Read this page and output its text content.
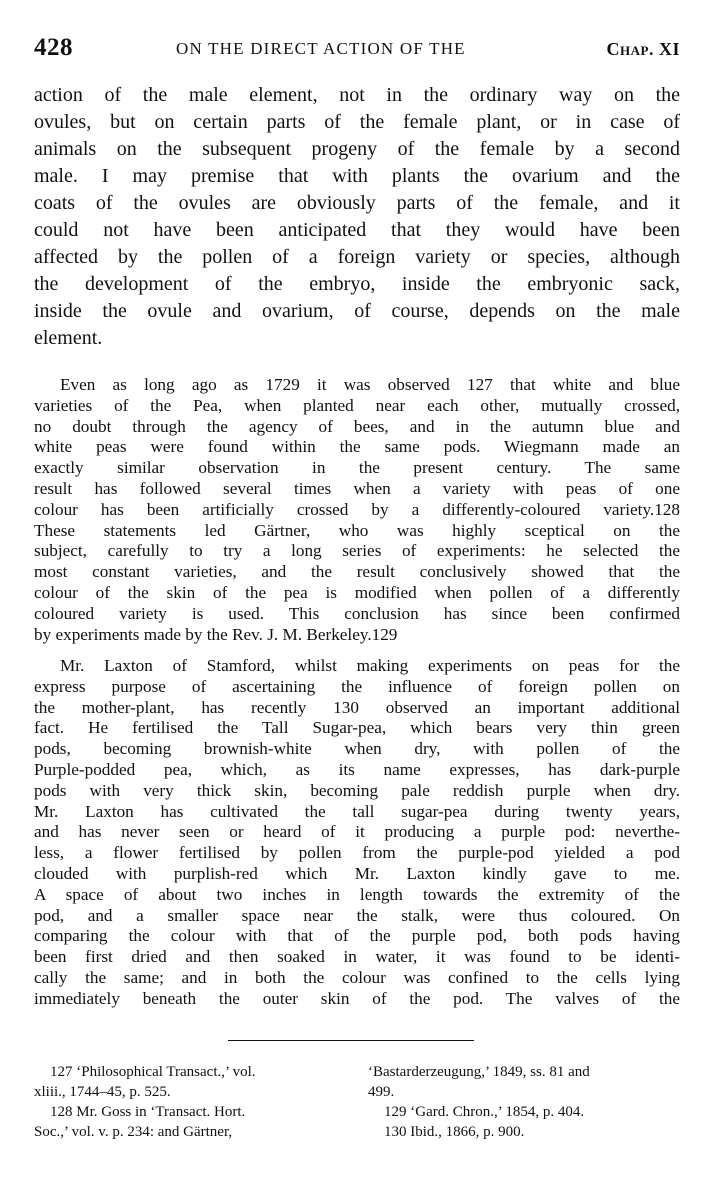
428	ON THE DIRECT ACTION OF THE	Chap. XI
action of the male element, not in the ordinary way on the
ovules, but on certain parts of the female plant, or in case of
animals on the subsequent progeny of the female by a second
male. I may premise that with plants the ovarium and the
coats of the ovules are obviously parts of the female, and it
could not have been anticipated that they would have been
affected by the pollen of a foreign variety or species, although
the development of the embryo, inside the embryonic sack,
inside the ovule and ovarium, of course, depends on the male
element.
Even as long ago as 1729 it was observed 127 that white and blue
varieties of the Pea, when planted near each other, mutually crossed,
no doubt through the agency of bees, and in the autumn blue and
white peas were found within the same pods. Wiegmann made an
exactly similar observation in the present century. The same
result has followed several times when a variety with peas of one
colour has been artificially crossed by a differently-coloured variety.128
These statements led Gärtner, who was highly sceptical on the
subject, carefully to try a long series of experiments: he selected the
most constant varieties, and the result conclusively showed that the
colour of the skin of the pea is modified when pollen of a differently
coloured variety is used. This conclusion has since been confirmed
by experiments made by the Rev. J. M. Berkeley.129
Mr. Laxton of Stamford, whilst making experiments on peas for the
express purpose of ascertaining the influence of foreign pollen on
the mother-plant, has recently 130 observed an important additional
fact. He fertilised the Tall Sugar-pea, which bears very thin green
pods, becoming brownish-white when dry, with pollen of the
Purple-podded pea, which, as its name expresses, has dark-purple
pods with very thick skin, becoming pale reddish purple when dry.
Mr. Laxton has cultivated the tall sugar-pea during twenty years,
and has never seen or heard of it producing a purple pod: neverthe-
less, a flower fertilised by pollen from the purple-pod yielded a pod
clouded with purplish-red which Mr. Laxton kindly gave to me.
A space of about two inches in length towards the extremity of the
pod, and a smaller space near the stalk, were thus coloured. On
comparing the colour with that of the purple pod, both pods having
been first dried and then soaked in water, it was found to be identi-
cally the same; and in both the colour was confined to the cells lying
immediately beneath the outer skin of the pod. The valves of the
127 ‘Philosophical Transact.,’ vol.
xliii., 1744–45, p. 525.
128 Mr. Goss in ‘Transact. Hort.
Soc.,’ vol. v. p. 234: and Gärtner,
‘Bastarderzeugung,’ 1849, ss. 81 and
499.
129 ‘Gard. Chron.,’ 1854, p. 404.
130 Ibid., 1866, p. 900.
